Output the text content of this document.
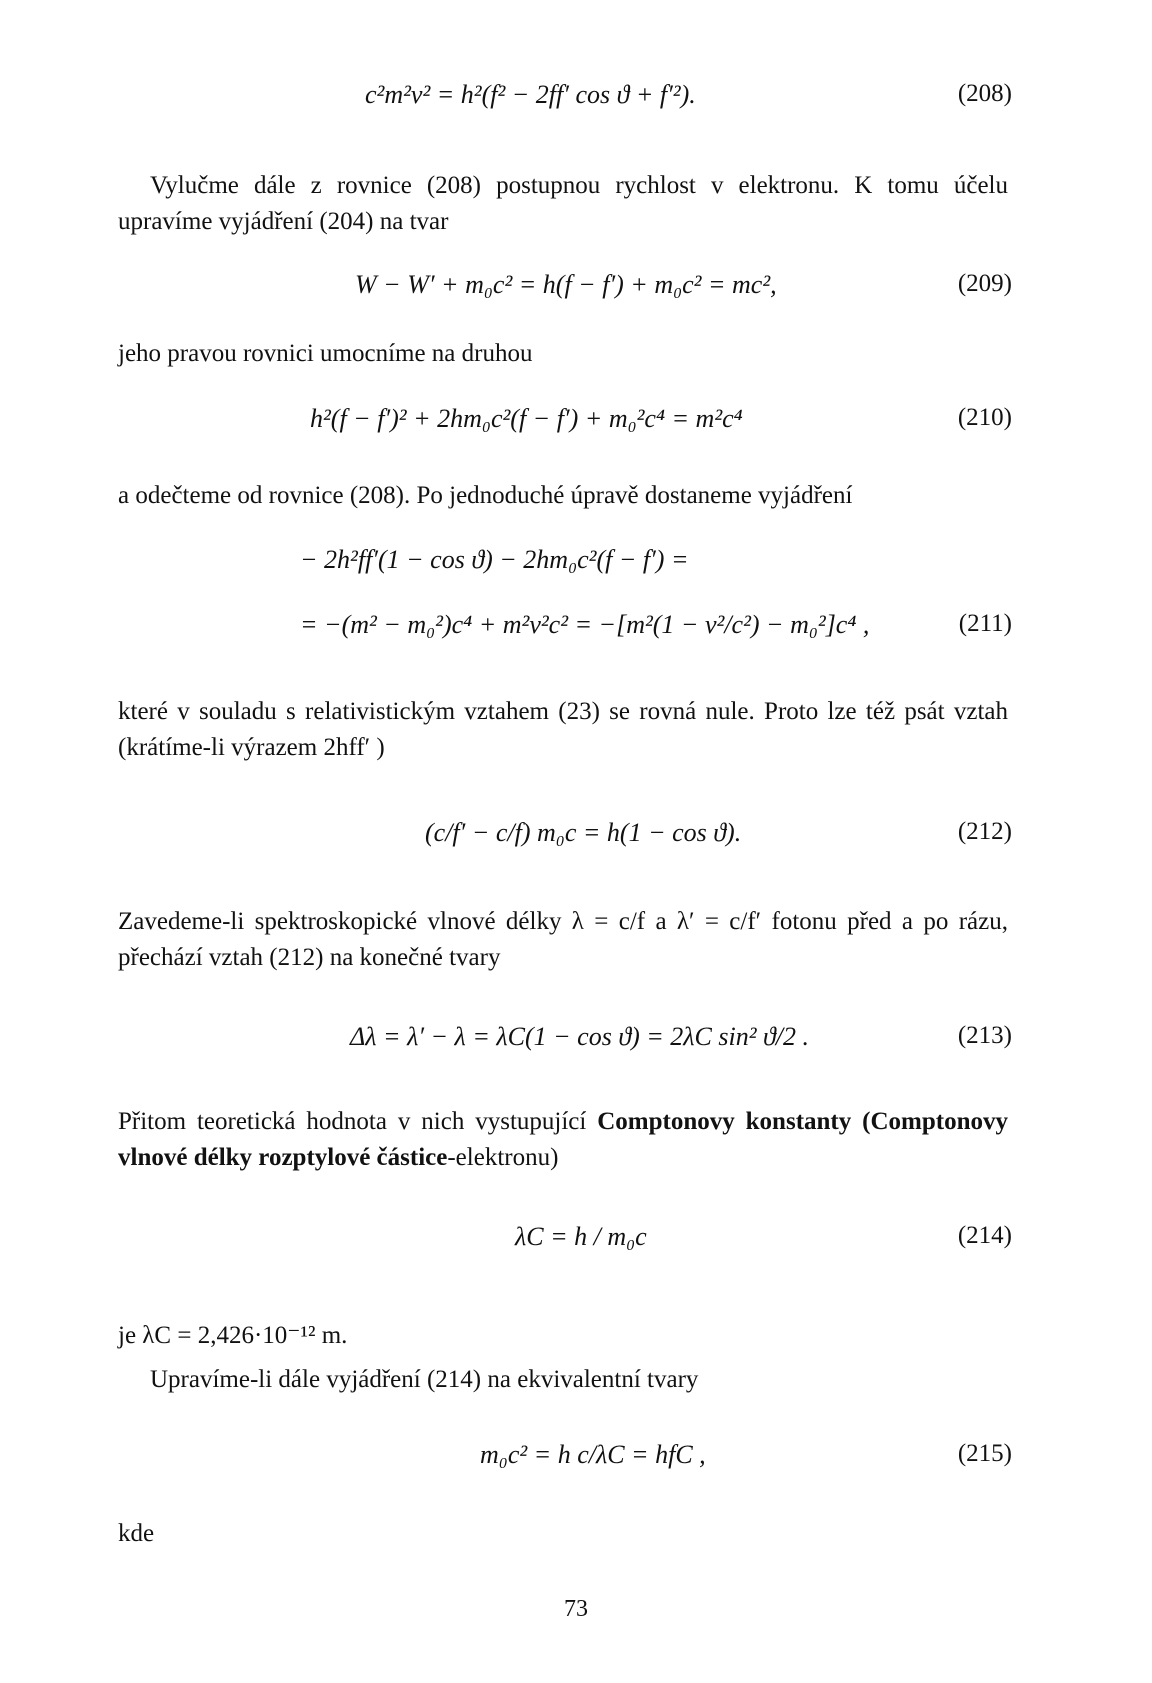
c²m²v² = h²(f² − 2ff′ cos ϑ + f′²).	(208)

Vylučme dále z rovnice (208) postupnou rychlost v elektronu. K tomu účelu upravíme vyjádření (204) na tvar

W − W′ + m₀c² = h(f − f′) + m₀c² = mc²,	(209)

jeho pravou rovnici umocníme na druhou

h²(f − f′)² + 2hm₀c²(f − f′) + m₀²c⁴ = m²c⁴	(210)

a odečteme od rovnice (208). Po jednoduché úpravě dostaneme vyjádření

− 2h²ff′(1 − cos ϑ) − 2hm₀c²(f − f′) =
= −(m² − m₀²)c⁴ + m²v²c² = −[m²(1 − v²/c²) − m₀²]c⁴ ,	(211)

které v souladu s relativistickým vztahem (23) se rovná nule. Proto lze též psát vztah (krátíme-li výrazem 2hff′ )

(c/f′ − c/f) m₀c = h(1 − cos ϑ).	(212)

Zavedeme-li spektroskopické vlnové délky λ = c/f a λ′ = c/f′ fotonu před a po rázu, přechází vztah (212) na konečné tvary

Δλ = λ′ − λ = λC(1 − cos ϑ) = 2λC sin² ϑ/2 .	(213)

Přitom teoretická hodnota v nich vystupující Comptonovy konstanty (Comptonovy vlnové délky rozptylové částice-elektronu)

λC = h / m₀c	(214)

je λC = 2,426·10⁻¹² m.

Upravíme-li dále vyjádření (214) na ekvivalentní tvary

m₀c² = h c/λC = hfC ,	(215)

kde

73
